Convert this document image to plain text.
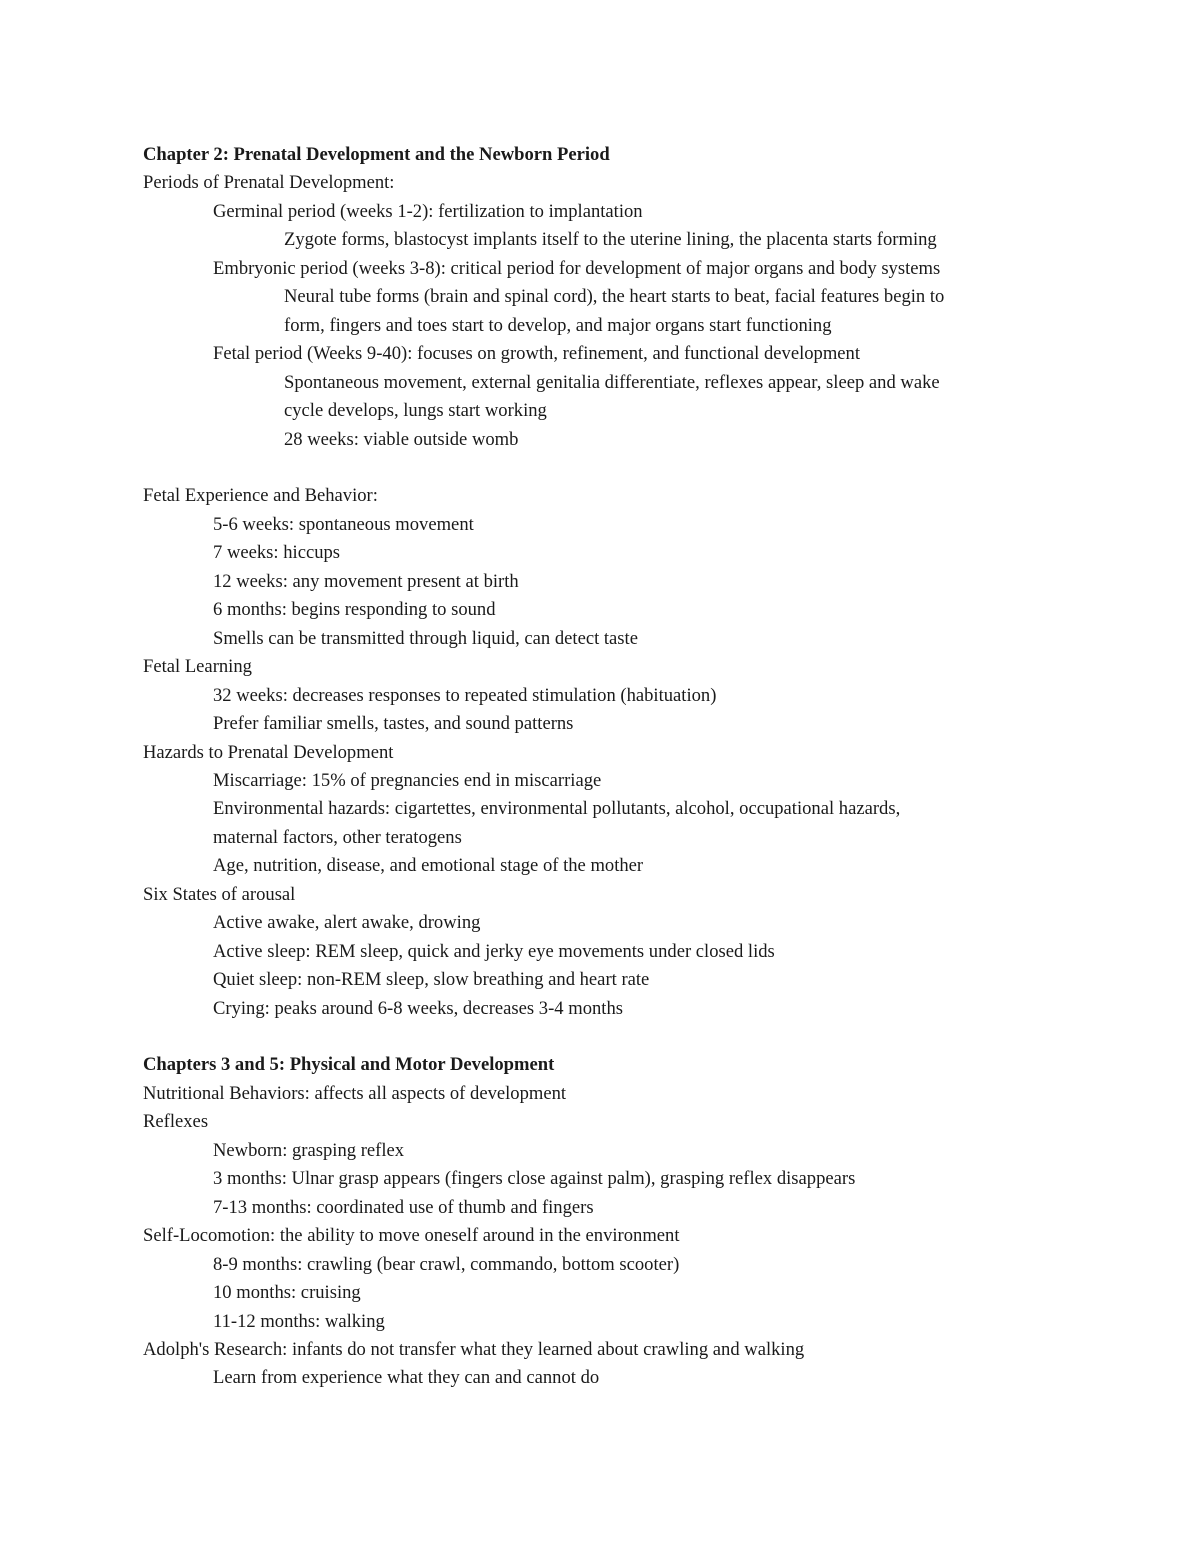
Chapter 2: Prenatal Development and the Newborn Period

Periods of Prenatal Development:

Germinal period (weeks 1-2): fertilization to implantation

Zygote forms, blastocyst implants itself to the uterine lining, the placenta starts forming

Embryonic period (weeks 3-8): critical period for development of major organs and body systems

Neural tube forms (brain and spinal cord), the heart starts to beat, facial features begin to

form, fingers and toes start to develop, and major organs start functioning

Fetal period (Weeks 9-40): focuses on growth, refinement, and functional development

Spontaneous movement, external genitalia differentiate, reflexes appear, sleep and wake

cycle develops, lungs start working

28 weeks: viable outside womb

Fetal Experience and Behavior:

5-6 weeks: spontaneous movement

7 weeks: hiccups

12 weeks: any movement present at birth

6 months: begins responding to sound

Smells can be transmitted through liquid, can detect taste

Fetal Learning

32 weeks: decreases responses to repeated stimulation (habituation)

Prefer familiar smells, tastes, and sound patterns

Hazards to Prenatal Development

Miscarriage: 15% of pregnancies end in miscarriage

Environmental hazards: cigartettes, environmental pollutants, alcohol, occupational hazards,

maternal factors, other teratogens

Age, nutrition, disease, and emotional stage of the mother

Six States of arousal

Active awake, alert awake, drowing

Active sleep: REM sleep, quick and jerky eye movements under closed lids

Quiet sleep: non-REM sleep, slow breathing and heart rate

Crying: peaks around 6-8 weeks, decreases 3-4 months

Chapters 3 and 5: Physical and Motor Development

Nutritional Behaviors: affects all aspects of development

Reflexes

Newborn: grasping reflex

3 months: Ulnar grasp appears (fingers close against palm), grasping reflex disappears

7-13 months: coordinated use of thumb and fingers

Self-Locomotion: the ability to move oneself around in the environment

8-9 months: crawling (bear crawl, commando, bottom scooter)

10 months: cruising

11-12 months: walking

Adolph's Research: infants do not transfer what they learned about crawling and walking

Learn from experience what they can and cannot do
